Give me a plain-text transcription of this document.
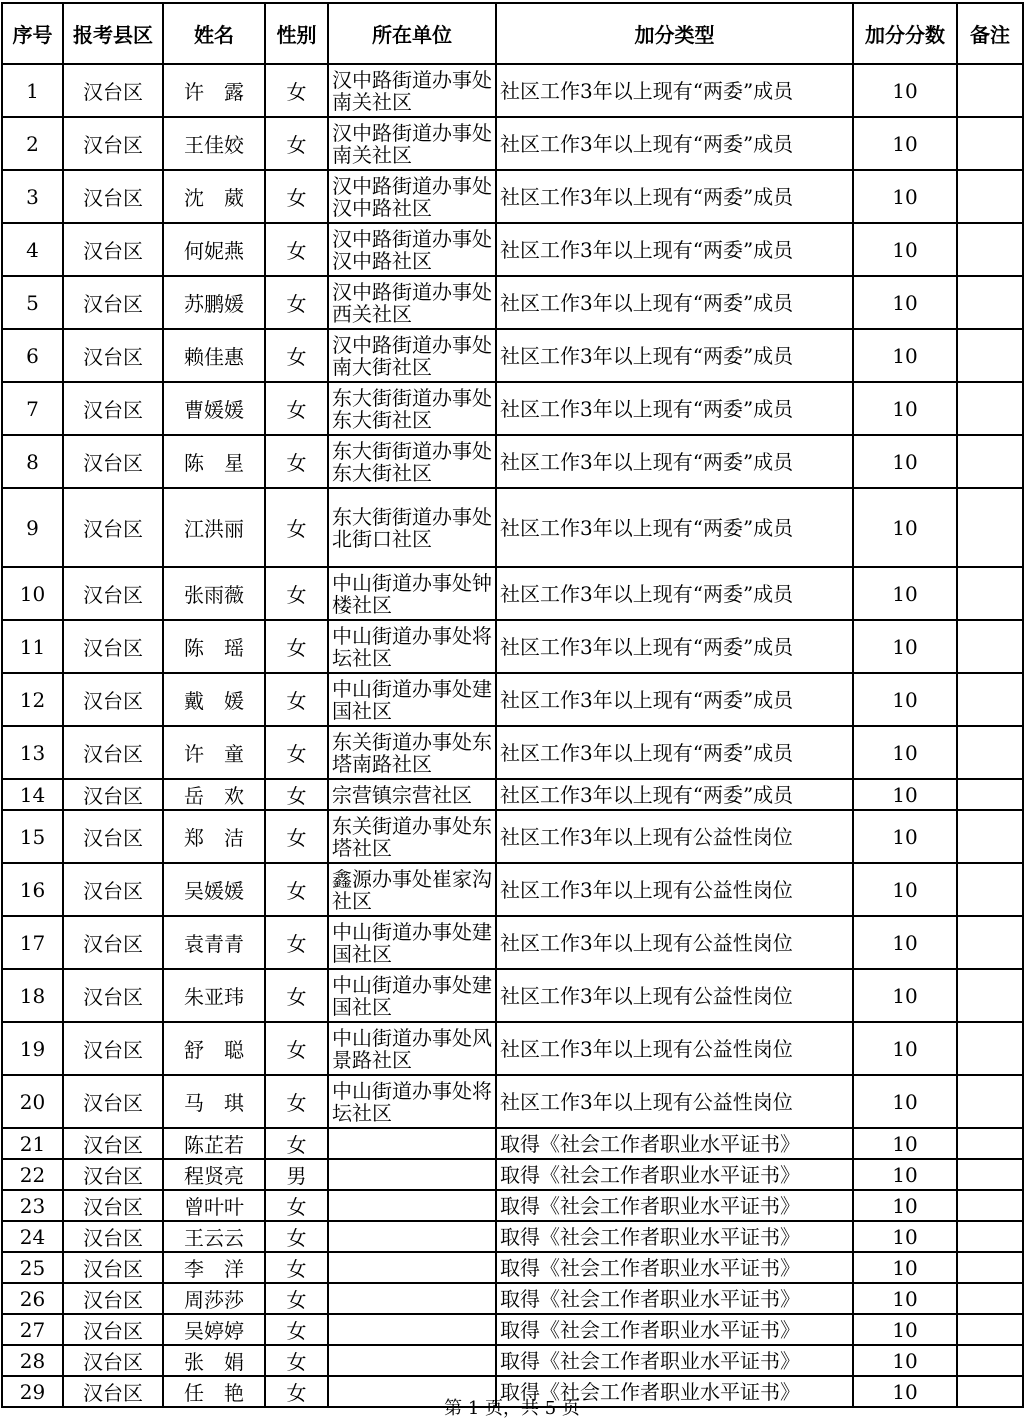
序号	报考县区	姓名	性别	所在单位	加分类型	加分分数	备注
1	汉台区	许　露	女	汉中路街道办事处南关社区	社区工作3年以上现有“两委”成员	10	
2	汉台区	王佳姣	女	汉中路街道办事处南关社区	社区工作3年以上现有“两委”成员	10	
3	汉台区	沈　葳	女	汉中路街道办事处汉中路社区	社区工作3年以上现有“两委”成员	10	
4	汉台区	何妮燕	女	汉中路街道办事处汉中路社区	社区工作3年以上现有“两委”成员	10	
5	汉台区	苏鹏媛	女	汉中路街道办事处西关社区	社区工作3年以上现有“两委”成员	10	
6	汉台区	赖佳惠	女	汉中路街道办事处南大街社区	社区工作3年以上现有“两委”成员	10	
7	汉台区	曹媛媛	女	东大街街道办事处东大街社区	社区工作3年以上现有“两委”成员	10	
8	汉台区	陈　星	女	东大街街道办事处东大街社区	社区工作3年以上现有“两委”成员	10	
9	汉台区	江洪丽	女	东大街街道办事处北街口社区	社区工作3年以上现有“两委”成员	10	
10	汉台区	张雨薇	女	中山街道办事处钟楼社区	社区工作3年以上现有“两委”成员	10	
11	汉台区	陈　瑶	女	中山街道办事处将坛社区	社区工作3年以上现有“两委”成员	10	
12	汉台区	戴　媛	女	中山街道办事处建国社区	社区工作3年以上现有“两委”成员	10	
13	汉台区	许　童	女	东关街道办事处东塔南路社区	社区工作3年以上现有“两委”成员	10	
14	汉台区	岳　欢	女	宗营镇宗营社区	社区工作3年以上现有“两委”成员	10	
15	汉台区	郑　洁	女	东关街道办事处东塔社区	社区工作3年以上现有公益性岗位	10	
16	汉台区	吴媛媛	女	鑫源办事处崔家沟社区	社区工作3年以上现有公益性岗位	10	
17	汉台区	袁青青	女	中山街道办事处建国社区	社区工作3年以上现有公益性岗位	10	
18	汉台区	朱亚玮	女	中山街道办事处建国社区	社区工作3年以上现有公益性岗位	10	
19	汉台区	舒　聪	女	中山街道办事处风景路社区	社区工作3年以上现有公益性岗位	10	
20	汉台区	马　琪	女	中山街道办事处将坛社区	社区工作3年以上现有公益性岗位	10	
21	汉台区	陈芷若	女		取得《社会工作者职业水平证书》	10	
22	汉台区	程贤亮	男		取得《社会工作者职业水平证书》	10	
23	汉台区	曾叶叶	女		取得《社会工作者职业水平证书》	10	
24	汉台区	王云云	女		取得《社会工作者职业水平证书》	10	
25	汉台区	李　洋	女		取得《社会工作者职业水平证书》	10	
26	汉台区	周莎莎	女		取得《社会工作者职业水平证书》	10	
27	汉台区	吴婷婷	女		取得《社会工作者职业水平证书》	10	
28	汉台区	张　娟	女		取得《社会工作者职业水平证书》	10	
29	汉台区	任　艳	女		取得《社会工作者职业水平证书》	10	
第 1 页，共 5 页
